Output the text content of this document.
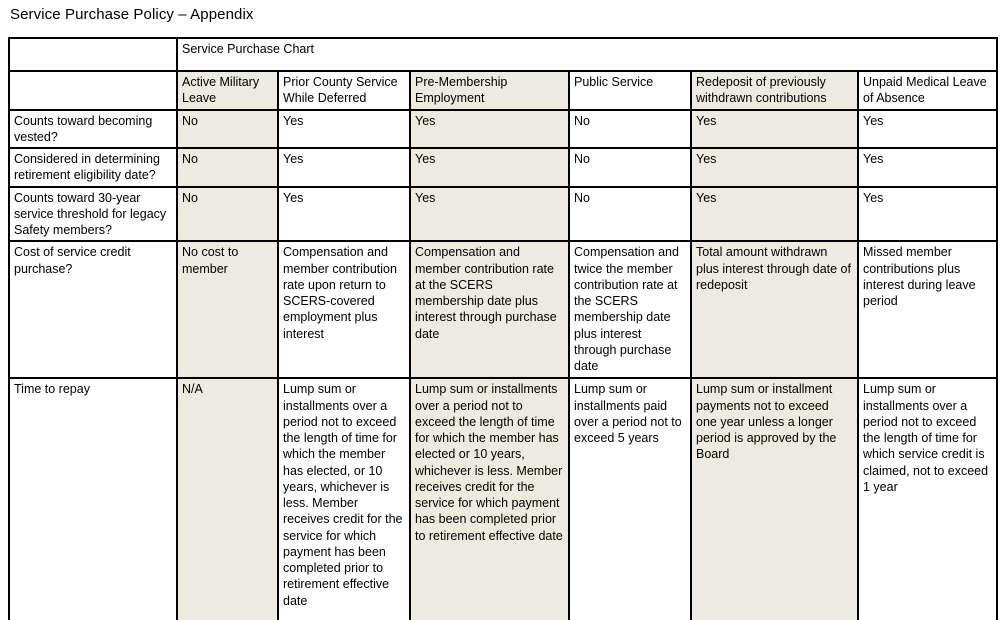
Service Purchase Policy – Appendix
	Service Purchase Chart					
	Active Military Leave	Prior County Service While Deferred	Pre-Membership Employment	Public Service	Redeposit of previously withdrawn contributions	Unpaid Medical Leave of Absence
Counts toward becoming vested?	No	Yes	Yes	No	Yes	Yes
Considered in determining retirement eligibility date?	No	Yes	Yes	No	Yes	Yes
Counts toward 30-year service threshold for legacy Safety members?	No	Yes	Yes	No	Yes	Yes
Cost of service credit purchase?	No cost to member	Compensation and member contribution rate upon return to SCERS-covered employment plus interest	Compensation and member contribution rate at the SCERS membership date plus interest through purchase date	Compensation and twice the member contribution rate at the SCERS membership date plus interest through purchase date	Total amount withdrawn plus interest through date of redeposit	Missed member contributions plus interest during leave period
Time to repay	N/A	Lump sum or installments over a period not to exceed the length of time for which the member has elected, or 10 years, whichever is less. Member receives credit for the service for which payment has been completed prior to retirement effective date	Lump sum or installments over a period not to exceed the length of time for which the member has elected or 10 years, whichever is less. Member receives credit for the service for which payment has been completed prior to retirement effective date	Lump sum or installments paid over a period not to exceed 5 years	Lump sum or installment payments not to exceed one year unless a longer period is approved by the Board	Lump sum or installments over a period not to exceed the length of time for which service credit is claimed, not to exceed 1 year
